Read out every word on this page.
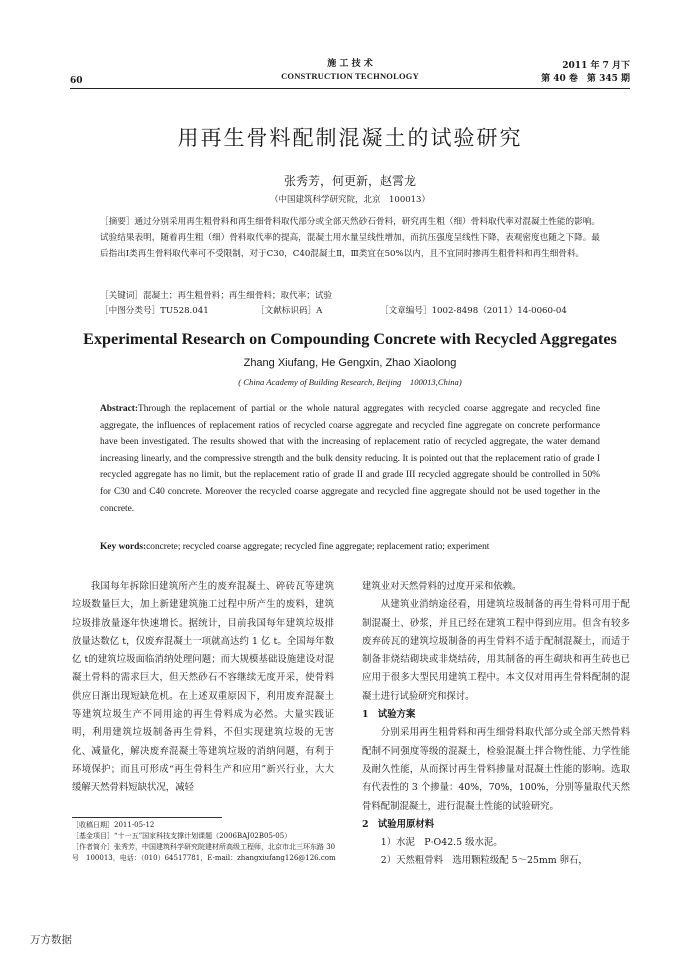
60
施 工 技 术
CONSTRUCTION TECHNOLOGY
2011 年 7 月下
第 40 卷　第 345 期
用再生骨料配制混凝土的试验研究
张秀芳，何更新，赵霄龙
（中国建筑科学研究院，北京　100013）
［摘要］通过分别采用再生粗骨料和再生细骨料取代部分或全部天然砂石骨料，研究再生粗（细）骨料取代率对混凝土性能的影响。试验结果表明，随着再生粗（细）骨料取代率的提高，混凝土用水量呈线性增加，而抗压强度呈线性下降，表观密度也随之下降。最后指出Ⅰ类再生骨料取代率可不受限制，对于C30，C40混凝土Ⅱ，Ⅲ类宜在50%以内，且不宜同时掺再生粗骨料和再生细骨料。
［关键词］混凝土；再生粗骨料；再生细骨料；取代率；试验
［中图分类号］TU528.041	［文献标识码］A	［文章编号］1002-8498（2011）14-0060-04
Experimental Research on Compounding Concrete with Recycled Aggregates
Zhang Xiufang, He Gengxin, Zhao Xiaolong
( China Academy of Building Research, Beijing　100013,China)
Abstract:Through the replacement of partial or the whole natural aggregates with recycled coarse aggregate and recycled fine aggregate, the influences of replacement ratios of recycled coarse aggregate and recycled fine aggregate on concrete performance have been investigated. The results showed that with the increasing of replacement ratio of recycled aggregate, the water demand increasing linearly, and the compressive strength and the bulk density reducing. It is pointed out that the replacement ratio of grade I recycled aggregate has no limit, but the replacement ratio of grade II and grade III recycled aggregate should be controlled in 50% for C30 and C40 concrete. Moreover the recycled coarse aggregate and recycled fine aggregate should not be used together in the concrete.
Key words:concrete; recycled coarse aggregate; recycled fine aggregate; replacement ratio; experiment

我国每年拆除旧建筑所产生的废弃混凝土、碎砖瓦等建筑垃圾数量巨大，加上新建建筑施工过程中所产生的废料，建筑垃圾排放量逐年快速增长。据统计，目前我国每年建筑垃圾排放量达数亿 t，仅废弃混凝土一项就高达约 1 亿 t。全国每年数亿 t的建筑垃圾面临消纳处理问题；而大规模基础设施建设对混凝土骨料的需求巨大，但天然砂石不容继续无度开采，使骨料供应日渐出现短缺危机。在上述双重原因下，利用废弃混凝土等建筑垃圾生产不同用途的再生骨料成为必然。大量实践证明，利用建筑垃圾制备再生骨料，不但实现建筑垃圾的无害化、减量化，解决废弃混凝土等建筑垃圾的消纳问题，有利于环境保护；而且可形成“再生骨料生产和应用”新兴行业，大大缓解天然骨料短缺状况，减轻

［收稿日期］2011-05-12
［基金项目］“十一五”国家科技支撑计划课题（2006BAJ02B05-05）
［作者简介］张秀芳，中国建筑科学研究院建材所高级工程师，北京市北三环东路 30 号　100013，电话：（010）64517781，E-mail：zhangxiufang126@126.com
建筑业对天然骨料的过度开采和依赖。

从建筑业消纳途径看，用建筑垃圾制备的再生骨料可用于配制混凝土、砂浆，并且已经在建筑工程中得到应用。但含有较多废弃砖瓦的建筑垃圾制备的再生骨料不适于配制混凝土，而适于制备非烧结砌块或非烧结砖，用其制备的再生砌块和再生砖也已应用于很多大型民用建筑工程中。本文仅对用再生骨料配制的混凝土进行试验研究和探讨。

1　试验方案

分别采用再生粗骨料和再生细骨料取代部分或全部天然骨料配制不同强度等级的混凝土，检验混凝土拌合物性能、力学性能及耐久性能，从而探讨再生骨料掺量对混凝土性能的影响。选取有代表性的 3 个掺量：40%，70%，100%，分别等量取代天然骨料配制混凝土，进行混凝土性能的试验研究。

2　试验用原材料

1）水泥　P·O42.5 级水泥。

2）天然粗骨料　选用颗粒级配 5～25mm 卵石，

万方数据
